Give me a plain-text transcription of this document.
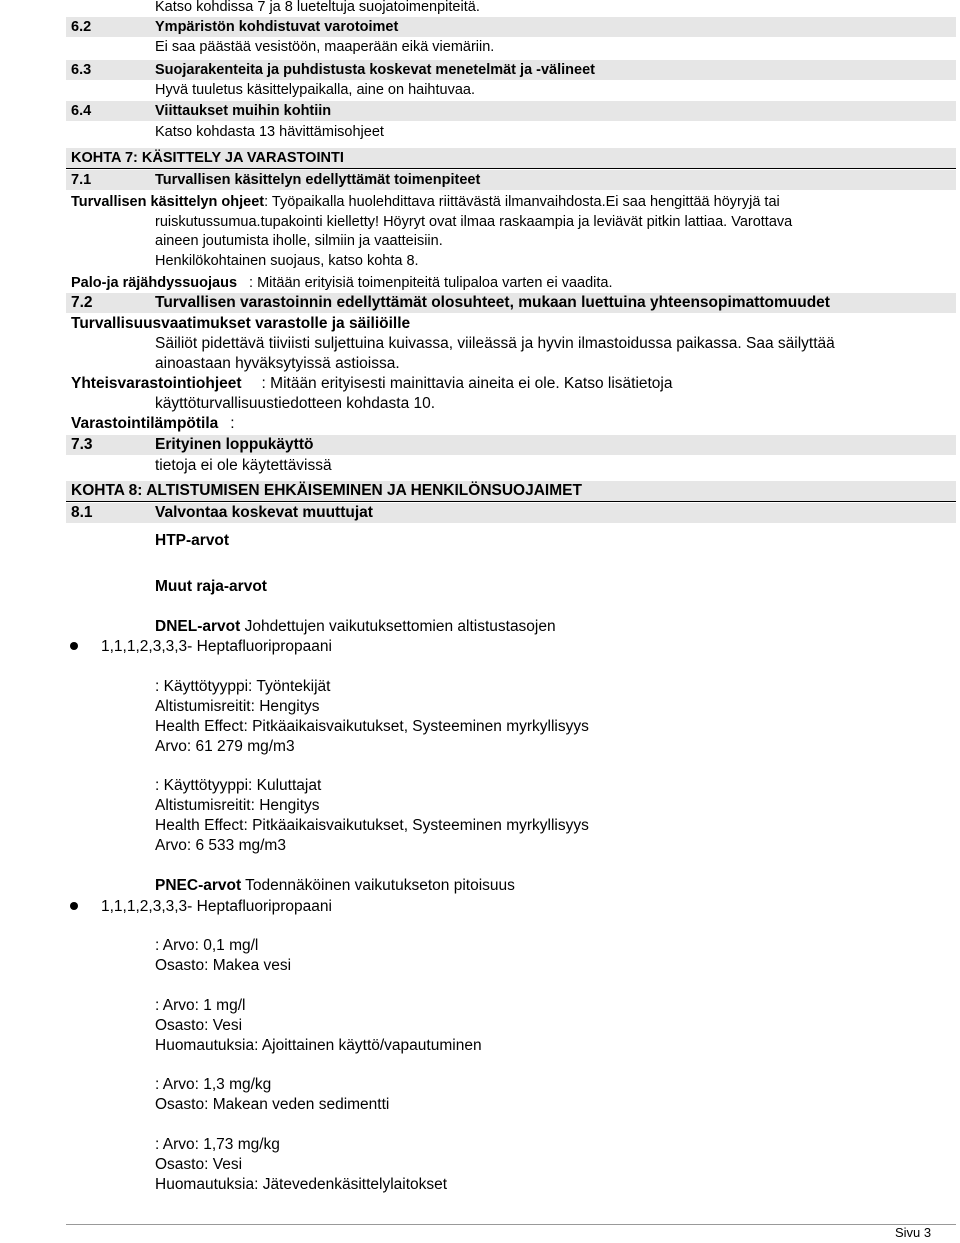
Katso kohdissa 7 ja 8 lueteltuja suojatoimenpiteitä.
6.2	Ympäristön kohdistuvat varotoimet
Ei saa päästää vesistöön, maaperään eikä viemäriin.
6.3	Suojarakenteita ja puhdistusta koskevat menetelmät ja -välineet
Hyvä tuuletus käsittelypaikalla, aine on haihtuvaa.
6.4	Viittaukset muihin kohtiin
Katso kohdasta 13 hävittämisohjeet
KOHTA 7: KÄSITTELY JA VARASTOINTI
7.1	Turvallisen käsittelyn edellyttämät toimenpiteet
Turvallisen käsittelyn ohjeet: Työpaikalla huolehdittava riittävästä ilmanvaihdosta.Ei saa hengittää höyryjä tai
ruiskutussumua.tupakointi kielletty! Höyryt ovat ilmaa raskaampia ja leviävät pitkin lattiaa. Varottava
aineen joutumista iholle, silmiin ja vaatteisiin.
Henkilökohtainen suojaus, katso kohta 8.
Palo-ja räjähdyssuojaus : Mitään erityisiä toimenpiteitä tulipaloa varten ei vaadita.
7.2	Turvallisen varastoinnin edellyttämät olosuhteet, mukaan luettuina yhteensopimattomuudet
Turvallisuusvaatimukset varastolle ja säiliöille
Säiliöt pidettävä tiiviisti suljettuina kuivassa, viileässä ja hyvin ilmastoidussa paikassa. Saa säilyttää
ainoastaan hyväksytyissä astioissa.
Yhteisvarastointiohjeet : Mitään erityisesti mainittavia aineita ei ole. Katso lisätietoja
käyttöturvallisuustiedotteen kohdasta 10.
Varastointilämpötila :
7.3	Erityinen loppukäyttö
tietoja ei ole käytettävissä
KOHTA 8: ALTISTUMISEN EHKÄISEMINEN JA HENKILÖNSUOJAIMET
8.1	Valvontaa koskevat muuttujat
HTP-arvot
Muut raja-arvot
DNEL-arvot Johdettujen vaikutuksettomien altistustasojen
1,1,1,2,3,3,3- Heptafluoripropaani
: Käyttötyyppi: Työntekijät
Altistumisreitit: Hengitys
Health Effect: Pitkäaikaisvaikutukset, Systeeminen myrkyllisyys
Arvo: 61 279 mg/m3
: Käyttötyyppi: Kuluttajat
Altistumisreitit: Hengitys
Health Effect: Pitkäaikaisvaikutukset, Systeeminen myrkyllisyys
Arvo: 6 533 mg/m3
PNEC-arvot Todennäköinen vaikutukseton pitoisuus
1,1,1,2,3,3,3- Heptafluoripropaani
: Arvo: 0,1 mg/l
Osasto: Makea vesi
: Arvo: 1 mg/l
Osasto: Vesi
Huomautuksia: Ajoittainen käyttö/vapautuminen
: Arvo: 1,3 mg/kg
Osasto: Makean veden sedimentti
: Arvo: 1,73 mg/kg
Osasto: Vesi
Huomautuksia: Jätevedenkäsittelylaitokset
Sivu 3
